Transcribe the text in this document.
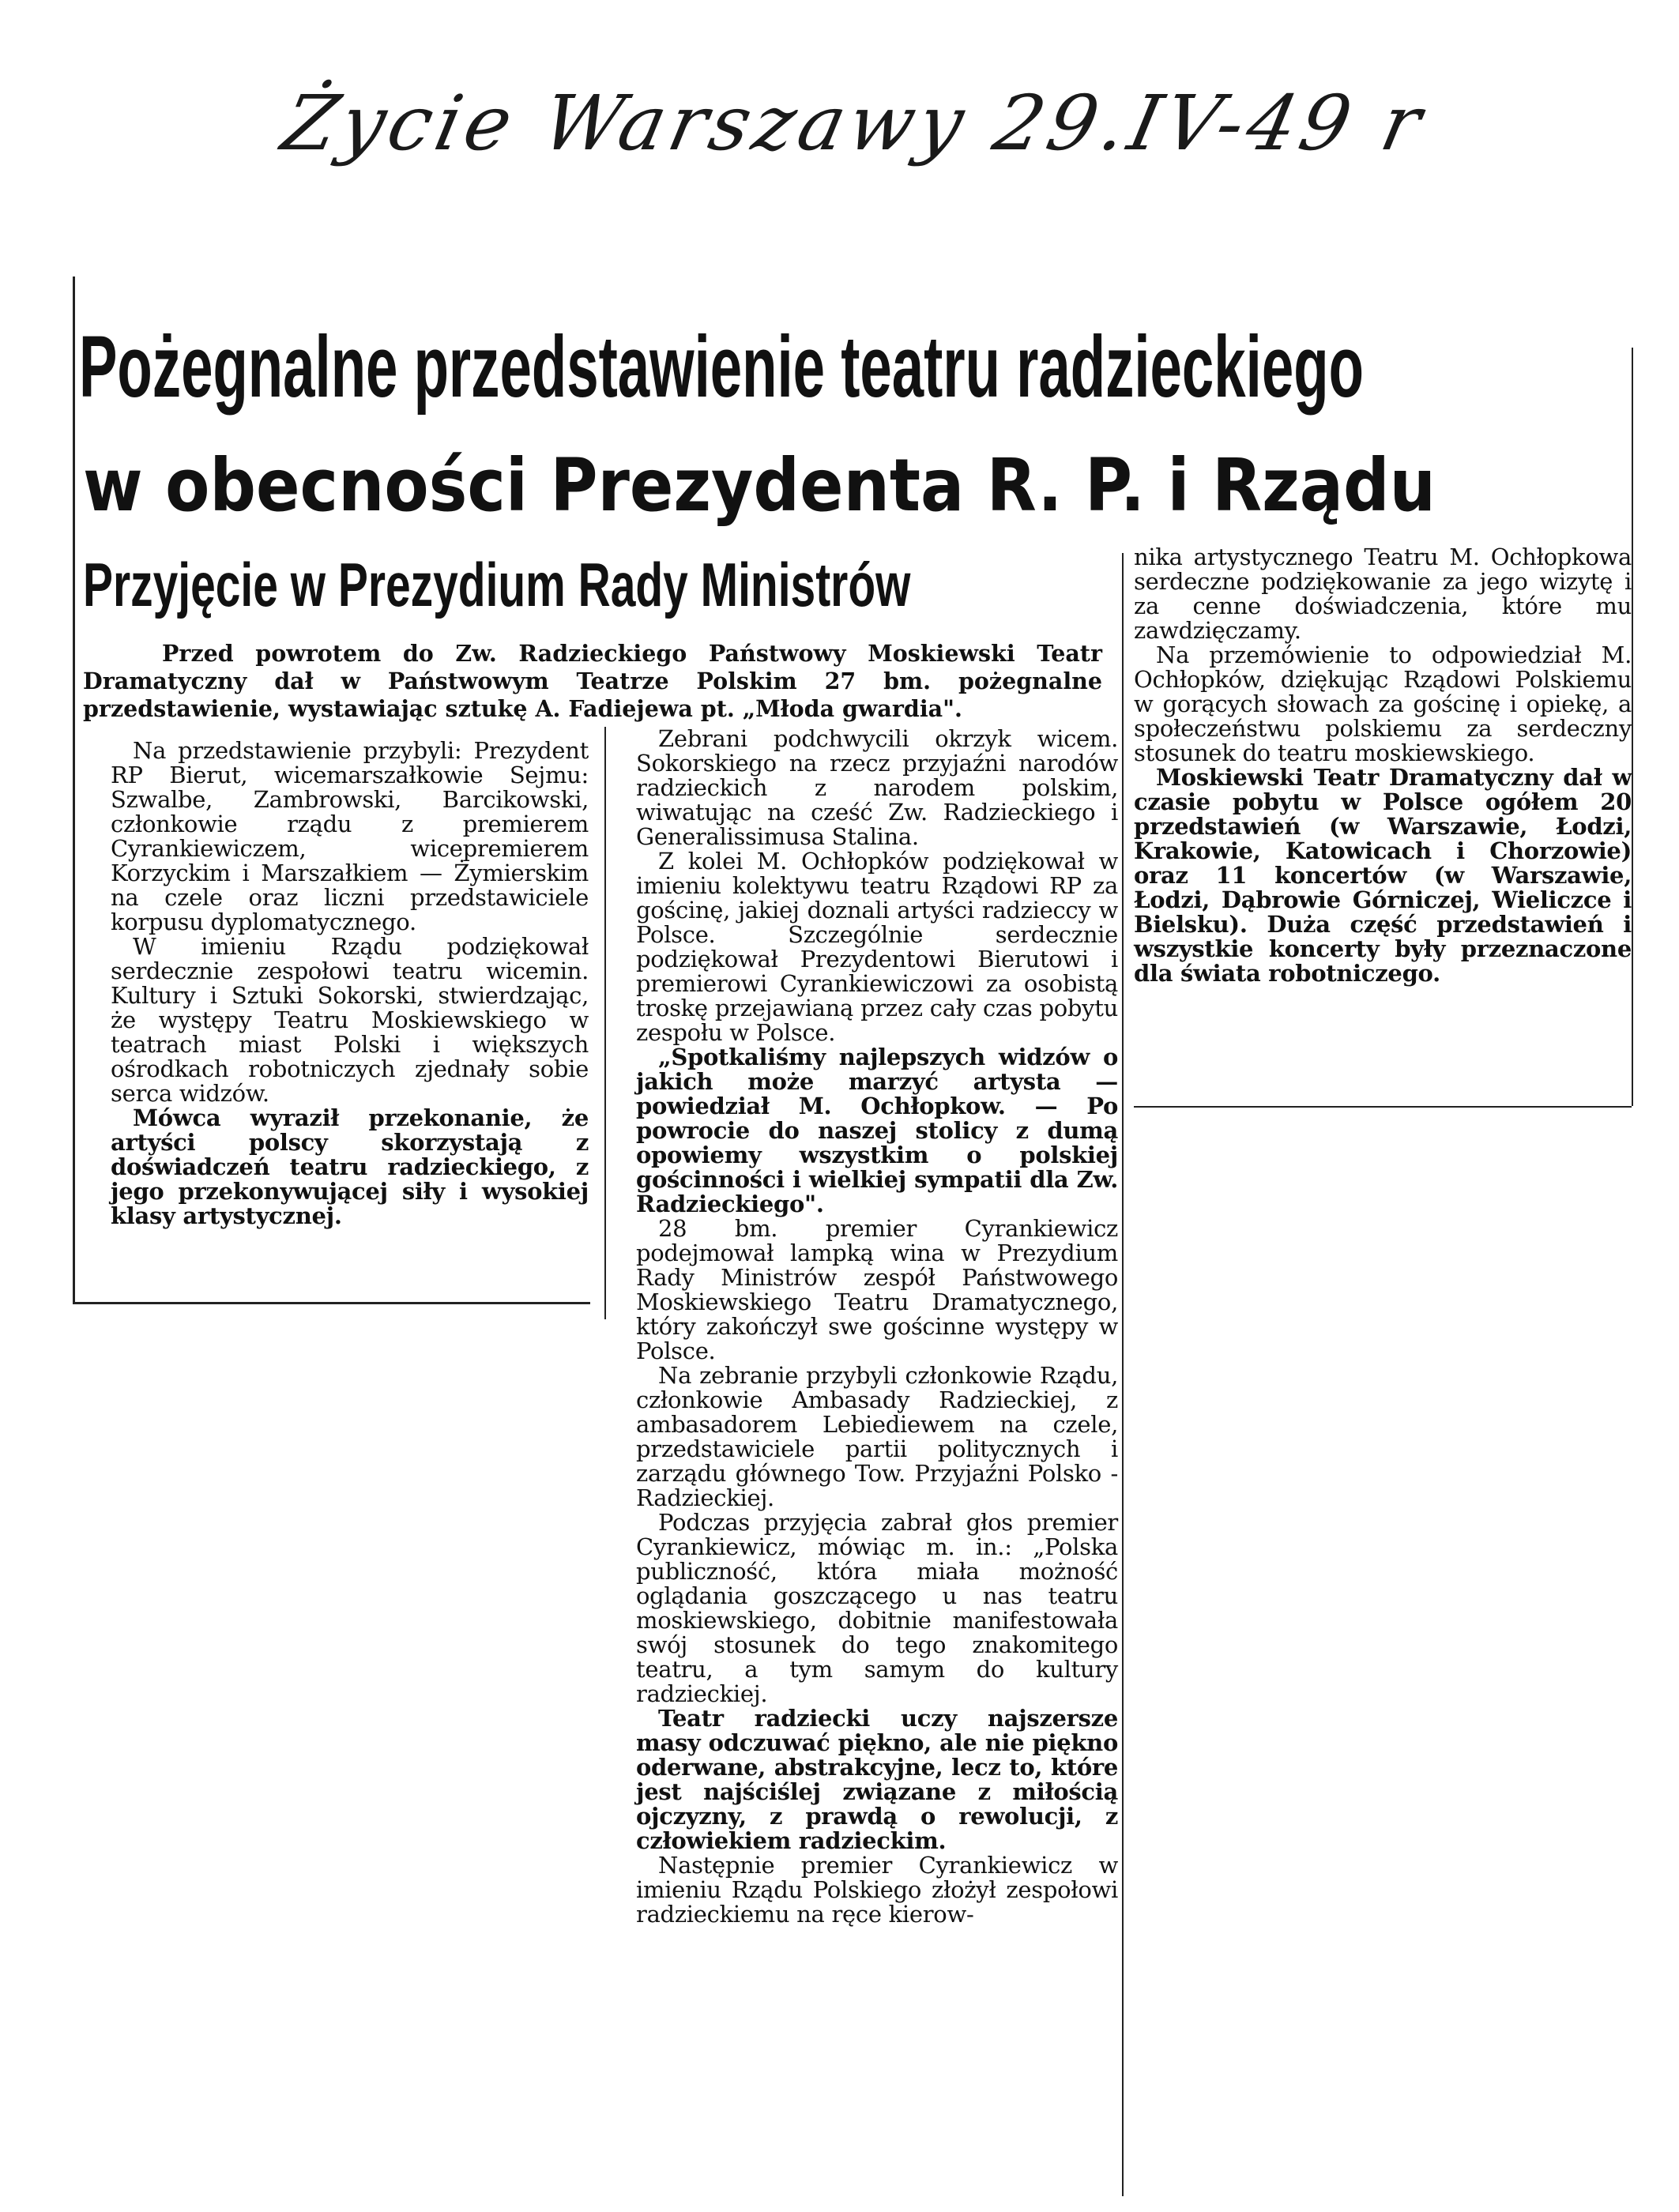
Życie Warszawy 29.IV-49 r
Pożegnalne przedstawienie teatru radzieckiego
w obecności Prezydenta R. P. i Rządu
Przyjęcie w Prezydium Rady Ministrów
Przed powrotem do Zw. Radzieckiego Państwowy Moskiewski Teatr Dramatyczny dał w Państwowym Teatrze Polskim 27 bm. pożegnalne przedstawienie, wystawiając sztukę A. Fadiejewa pt. „Młoda gwardia".

Na przedstawienie przybyli: Prezydent RP Bierut, wicemarszałkowie Sejmu: Szwalbe, Zambrowski, Barcikowski, członkowie rządu z premierem Cyrankiewiczem, wicepremierem Korzyckim i Marszałkiem — Żymierskim na czele oraz liczni przedstawiciele korpusu dyplomatycznego.

W imieniu Rządu podziękował serdecznie zespołowi teatru wicemin. Kultury i Sztuki Sokorski, stwierdzając, że występy Teatru Moskiewskiego w teatrach miast Polski i większych ośrodkach robotniczych zjednały sobie serca widzów.

Mówca wyraził przekonanie, że artyści polscy skorzystają z doświadczeń teatru radzieckiego, z jego przekonywującej siły i wysokiej klasy artystycznej.

Zebrani podchwycili okrzyk wicem. Sokorskiego na rzecz przyjaźni narodów radzieckich z narodem polskim, wiwatując na cześć Zw. Radzieckiego i Generalissimusa Stalina.

Z kolei M. Ochłopków podziękował w imieniu kolektywu teatru Rządowi RP za gościnę, jakiej doznali artyści radzieccy w Polsce. Szczególnie serdecznie podziękował Prezydentowi Bierutowi i premierowi Cyrankiewiczowi za osobistą troskę przejawianą przez cały czas pobytu zespołu w Polsce.

„Spotkaliśmy najlepszych widzów o jakich może marzyć artysta — powiedział M. Ochłopkow. — Po powrocie do naszej stolicy z dumą opowiemy wszystkim o polskiej gościnności i wielkiej sympatii dla Zw. Radzieckiego".

28 bm. premier Cyrankiewicz podejmował lampką wina w Prezydium Rady Ministrów zespół Państwowego Moskiewskiego Teatru Dramatycznego, który zakończył swe gościnne występy w Polsce.

Na zebranie przybyli członkowie Rządu, członkowie Ambasady Radzieckiej, z ambasadorem Lebiediewem na czele, przedstawiciele partii politycznych i zarządu głównego Tow. Przyjaźni Polsko - Radzieckiej.

Podczas przyjęcia zabrał głos premier Cyrankiewicz, mówiąc m. in.: „Polska publiczność, która miała możność oglądania goszczącego u nas teatru moskiewskiego, dobitnie manifestowała swój stosunek do tego znakomitego teatru, a tym samym do kultury radzieckiej.

Teatr radziecki uczy najszersze masy odczuwać piękno, ale nie piękno oderwane, abstrakcyjne, lecz to, które jest najściślej związane z miłością ojczyzny, z prawdą o rewolucji, z człowiekiem radzieckim.

Następnie premier Cyrankiewicz w imieniu Rządu Polskiego złożył zespołowi radzieckiemu na ręce kierow-

nika artystycznego Teatru M. Ochłopkowa serdeczne podziękowanie za jego wizytę i za cenne doświadczenia, które mu zawdzięczamy.

Na przemówienie to odpowiedział M. Ochłopków, dziękując Rządowi Polskiemu w gorących słowach za gościnę i opiekę, a społeczeństwu polskiemu za serdeczny stosunek do teatru moskiewskiego.

Moskiewski Teatr Dramatyczny dał w czasie pobytu w Polsce ogółem 20 przedstawień (w Warszawie, Łodzi, Krakowie, Katowicach i Chorzowie) oraz 11 koncertów (w Warszawie, Łodzi, Dąbrowie Górniczej, Wieliczce i Bielsku). Duża część przedstawień i wszystkie koncerty były przeznaczone dla świata robotniczego.
